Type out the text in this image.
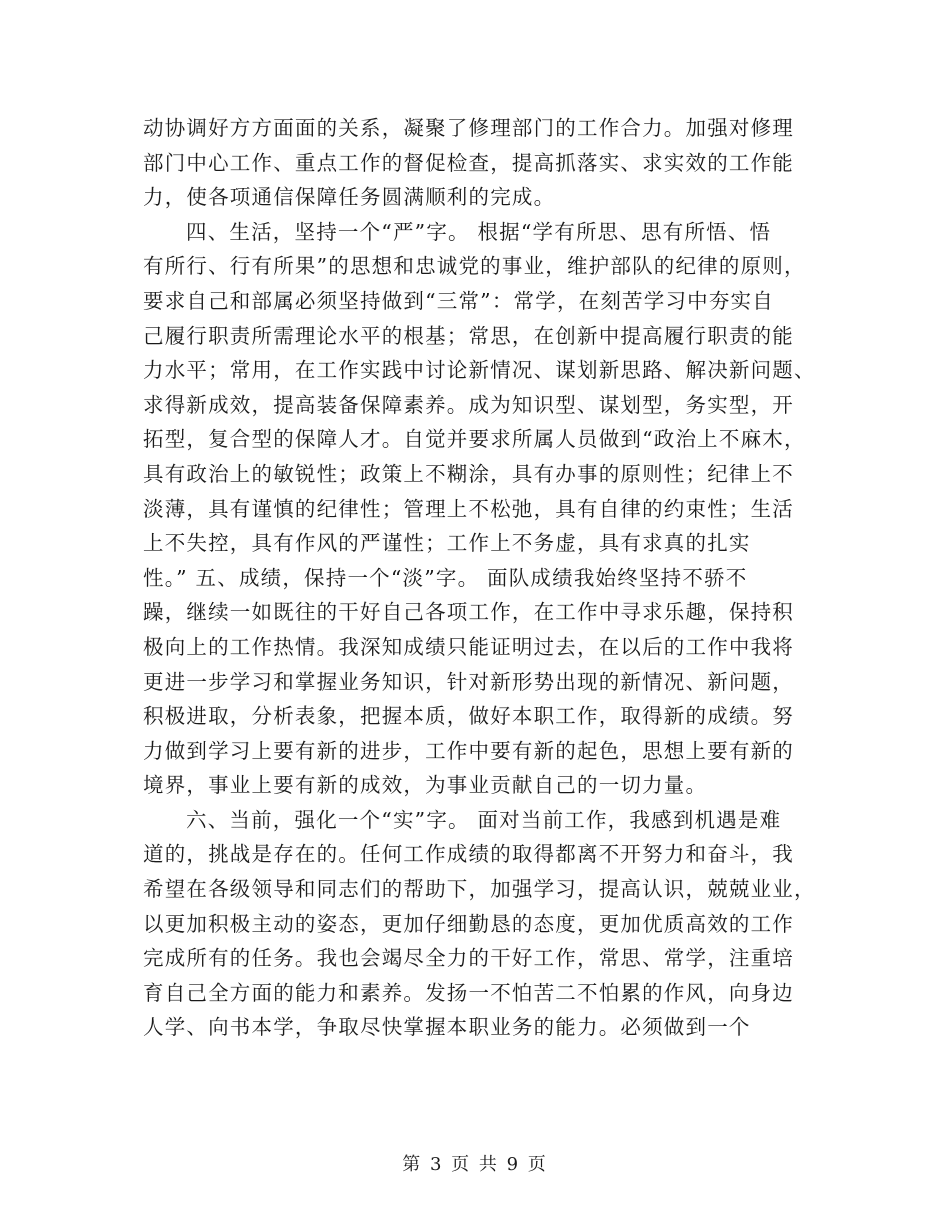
动协调好方方面面的关系，凝聚了修理部门的工作合力。加强对修理
部门中心工作、重点工作的督促检查，提高抓落实、求实效的工作能
力，使各项通信保障任务圆满顺利的完成。
四、生活，坚持一个“严”字。 根据“学有所思、思有所悟、悟
有所行、行有所果”的思想和忠诚党的事业，维护部队的纪律的原则，
要求自己和部属必须坚持做到“三常”：常学，在刻苦学习中夯实自
己履行职责所需理论水平的根基；常思，在创新中提高履行职责的能
力水平；常用，在工作实践中讨论新情况、谋划新思路、解决新问题、
求得新成效，提高装备保障素养。成为知识型、谋划型，务实型，开
拓型，复合型的保障人才。自觉并要求所属人员做到“政治上不麻木，
具有政治上的敏锐性；政策上不糊涂，具有办事的原则性；纪律上不
淡薄，具有谨慎的纪律性；管理上不松弛，具有自律的约束性；生活
上不失控，具有作风的严谨性；工作上不务虚，具有求真的扎实
性。” 五、成绩，保持一个“淡”字。 面队成绩我始终坚持不骄不
躁，继续一如既往的干好自己各项工作，在工作中寻求乐趣，保持积
极向上的工作热情。我深知成绩只能证明过去，在以后的工作中我将
更进一步学习和掌握业务知识，针对新形势出现的新情况、新问题，
积极进取，分析表象，把握本质，做好本职工作，取得新的成绩。努
力做到学习上要有新的进步，工作中要有新的起色，思想上要有新的
境界，事业上要有新的成效，为事业贡献自己的一切力量。
六、当前，强化一个“实”字。 面对当前工作，我感到机遇是难
道的，挑战是存在的。任何工作成绩的取得都离不开努力和奋斗，我
希望在各级领导和同志们的帮助下，加强学习，提高认识，兢兢业业，
以更加积极主动的姿态，更加仔细勤恳的态度，更加优质高效的工作
完成所有的任务。我也会竭尽全力的干好工作，常思、常学，注重培
育自己全方面的能力和素养。发扬一不怕苦二不怕累的作风，向身边
人学、向书本学，争取尽快掌握本职业务的能力。必须做到一个
第 3 页 共 9 页
